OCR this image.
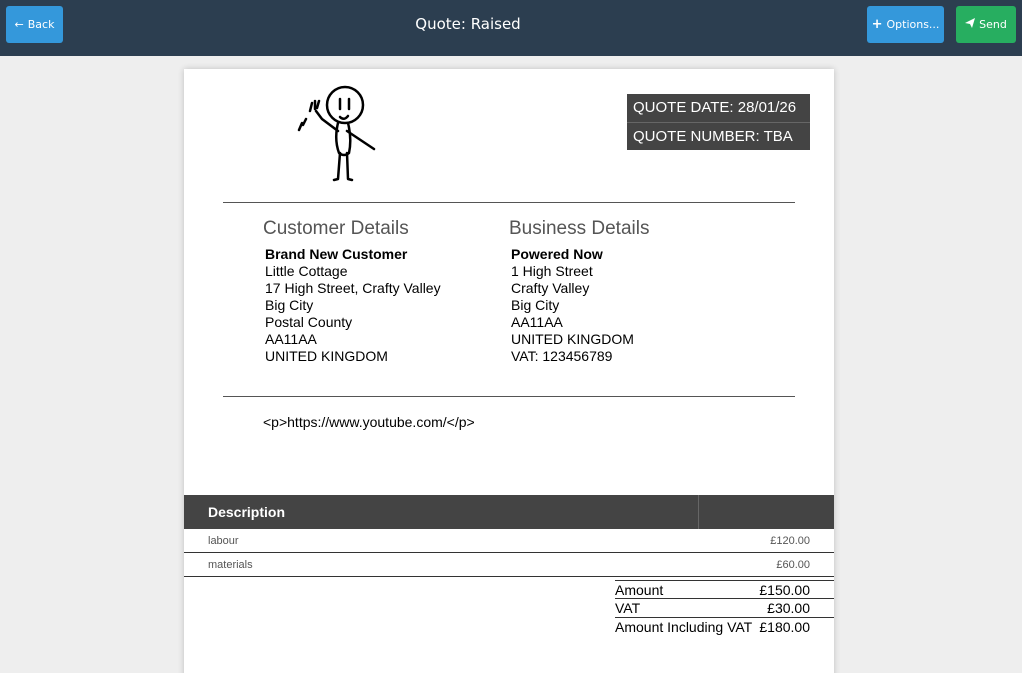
← Back	Quote: Raised	+ Options...	Send
QUOTE DATE: 28/01/26
QUOTE NUMBER: TBA
Customer Details
Brand New Customer
Little Cottage
17 High Street, Crafty Valley
Big City
Postal County
AA11AA
UNITED KINGDOM
Business Details
Powered Now
1 High Street
Crafty Valley
Big City
AA11AA
UNITED KINGDOM
VAT: 123456789
<p>https://www.youtube.com/</p>
Description
labour	£120.00
materials	£60.00
Amount	£150.00
VAT	£30.00
Amount Including VAT £180.00
